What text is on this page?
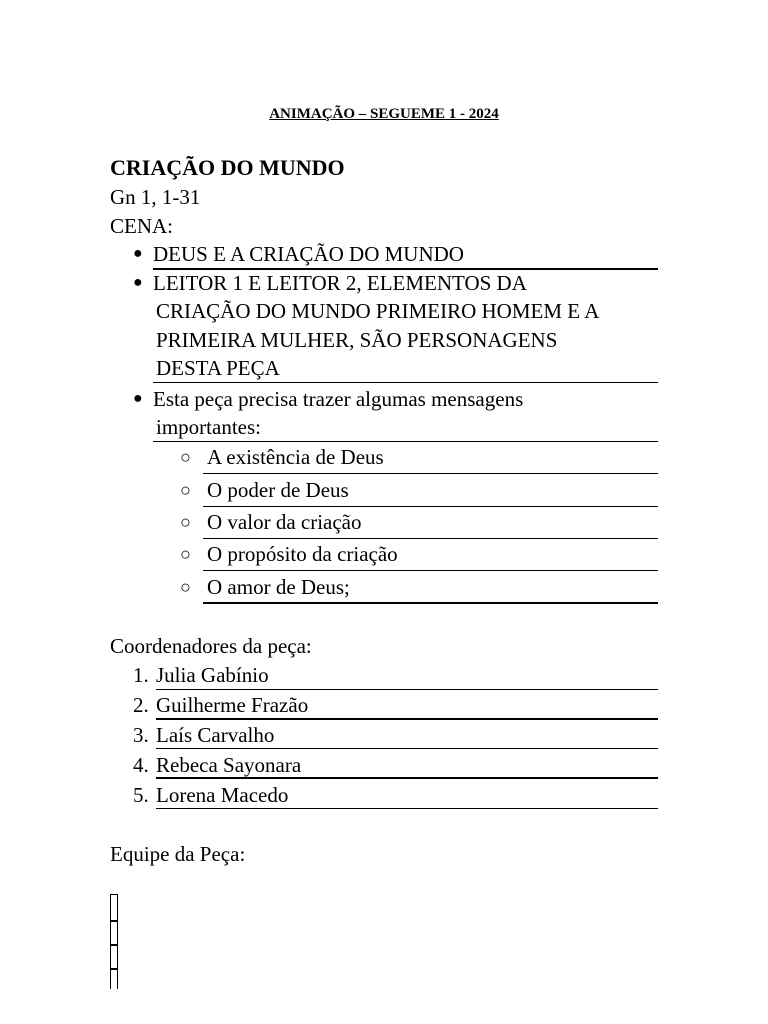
ANIMAÇÃO – SEGUEME 1 - 2024
CRIAÇÃO DO MUNDO
Gn 1, 1-31
CENA:
● DEUS E A CRIAÇÃO DO MUNDO
● LEITOR 1 E LEITOR 2, ELEMENTOS DA
CRIAÇÃO DO MUNDO PRIMEIRO HOMEM E A
PRIMEIRA MULHER, SÃO PERSONAGENS
DESTA PEÇA
● Esta peça precisa trazer algumas mensagens
importantes:
○ A existência de Deus
○ O poder de Deus
○ O valor da criação
○ O propósito da criação
○ O amor de Deus;
Coordenadores da peça:
1. Julia Gabínio
2. Guilherme Frazão
3. Laís Carvalho
4. Rebeca Sayonara
5. Lorena Macedo
Equipe da Peça:
